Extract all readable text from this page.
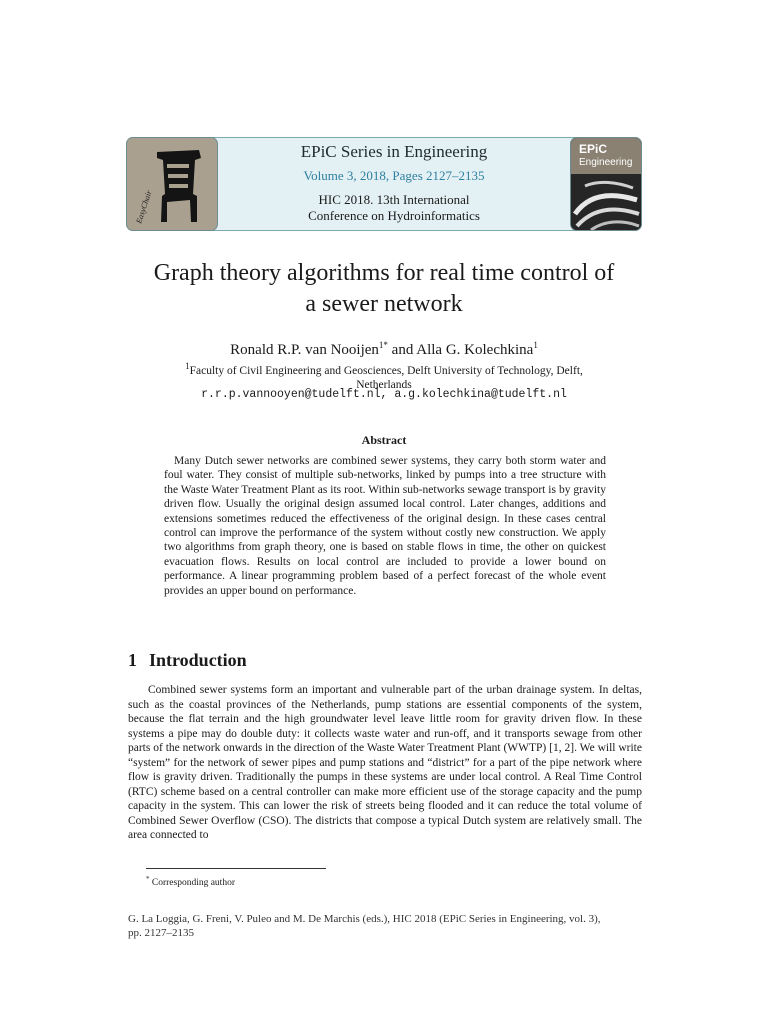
EasyChair
EPiC
Engineering
EPiC Series in Engineering
Volume 3, 2018, Pages 2127–2135
HIC 2018. 13th International
Conference on Hydroinformatics
Graph theory algorithms for real time control of
a sewer network
Ronald R.P. van Nooijen$^{1*}$ and Alla G. Kolechkina$^1$
$^1$Faculty of Civil Engineering and Geosciences, Delft University of Technology, Delft,
Netherlands
r.r.p.vannooyen@tudelft.nl, a.g.kolechkina@tudelft.nl
Abstract

Many Dutch sewer networks are combined sewer systems, they carry both storm water and foul water. They consist of multiple sub-networks, linked by pumps into a tree structure with the Waste Water Treatment Plant as its root. Within sub-networks sewage transport is by gravity driven flow. Usually the original design assumed local control. Later changes, additions and extensions sometimes reduced the effectiveness of the original design. In these cases central control can improve the performance of the system without costly new construction. We apply two algorithms from graph theory, one is based on stable flows in time, the other on quickest evacuation flows. Results on local control are included to provide a lower bound on performance. A linear programming problem based of a perfect forecast of the whole event provides an upper bound on performance.

1 Introduction

Combined sewer systems form an important and vulnerable part of the urban drainage system. In deltas, such as the coastal provinces of the Netherlands, pump stations are essential components of the system, because the flat terrain and the high groundwater level leave little room for gravity driven flow. In these systems a pipe may do double duty: it collects waste water and run-off, and it transports sewage from other parts of the network onwards in the direction of the Waste Water Treatment Plant (WWTP) [1, 2]. We will write “system” for the network of sewer pipes and pump stations and “district” for a part of the pipe network where flow is gravity driven. Traditionally the pumps in these systems are under local control. A Real Time Control (RTC) scheme based on a central controller can make more efficient use of the storage capacity and the pump capacity in the system. This can lower the risk of streets being flooded and it can reduce the total volume of Combined Sewer Overflow (CSO). The districts that compose a typical Dutch system are relatively small. The area connected to

* Corresponding author
G. La Loggia, G. Freni, V. Puleo and M. De Marchis (eds.), HIC 2018 (EPiC Series in Engineering, vol. 3),
pp. 2127–2135
